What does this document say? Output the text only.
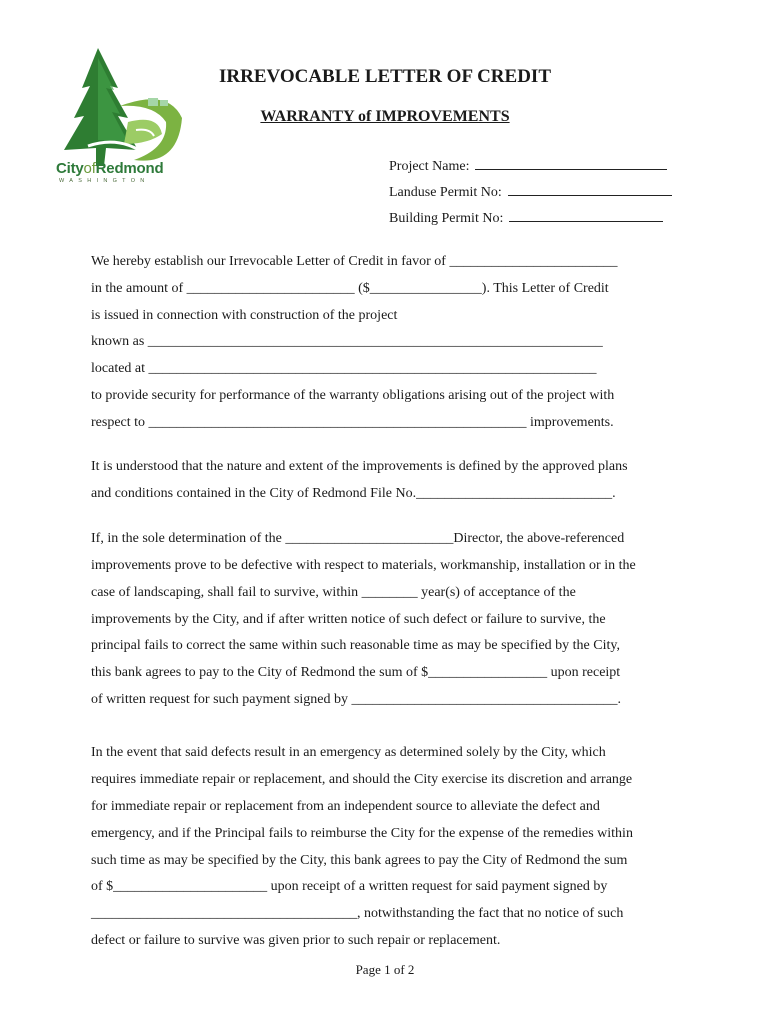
CityofRedmond
WASHINGTON
IRREVOCABLE LETTER OF CREDIT
WARRANTY of IMPROVEMENTS
Project Name:
Landuse Permit No:
Building Permit No:
We hereby establish our Irrevocable Letter of Credit in favor of ________________________
in the amount of ________________________ ($________________). This Letter of Credit
is issued in connection with construction of the project
known as _________________________________________________________________
located at ________________________________________________________________
to provide security for performance of the warranty obligations arising out of the project with
respect to ______________________________________________________ improvements.
It is understood that the nature and extent of the improvements is defined by the approved plans
and conditions contained in the City of Redmond File No.____________________________.
If, in the sole determination of the ________________________Director, the above-referenced
improvements prove to be defective with respect to materials, workmanship, installation or in the
case of landscaping, shall fail to survive, within ________ year(s) of acceptance of the
improvements by the City, and if after written notice of such defect or failure to survive, the
principal fails to correct the same within such reasonable time as may be specified by the City,
this bank agrees to pay to the City of Redmond the sum of $_________________ upon receipt
of written request for such payment signed by ______________________________________.
In the event that said defects result in an emergency as determined solely by the City, which
requires immediate repair or replacement, and should the City exercise its discretion and arrange
for immediate repair or replacement from an independent source to alleviate the defect and
emergency, and if the Principal fails to reimburse the City for the expense of the remedies within
such time as may be specified by the City, this bank agrees to pay the City of Redmond the sum
of $______________________ upon receipt of a written request for said payment signed by
______________________________________, notwithstanding the fact that no notice of such
defect or failure to survive was given prior to such repair or replacement.
Page 1 of 2
